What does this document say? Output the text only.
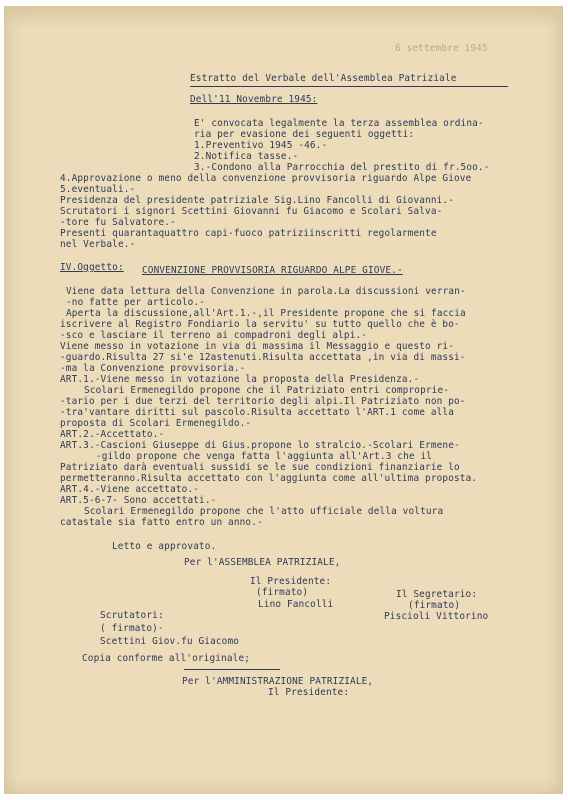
6 settembre 1945
Estratto del Verbale dell'Assemblea Patriziale
Dell'11 Novembre 1945:
E' convocata legalmente la terza assemblea ordina-
ria per evasione dei seguenti oggetti:
1.Preventivo 1945 -46.-
2.Notifica tasse.-
3.-Condono alla Parrocchia del prestito di fr.5oo.-
4.Approvazione o meno della convenzione provvisoria riguardo Alpe Giove
5.eventuali.-
Presidenza del presidente patriziale Sig.Lino Fancolli di Giovanni.-
Scrutatori i signori Scettini Giovanni fu Giacomo e Scolari Salva-
-tore fu Salvatore.-
Presenti quarantaquattro capi-fuoco patriziinscritti regolarmente
nel Verbale.-
IV.Oggetto: CONVENZIONE PROVVISORIA RIGUARDO ALPE GIOVE.-
Viene data lettura della Convenzione in parola.La discussioni verran-
-no fatte per articolo.-
Aperta la discussione,all'Art.1.-,il Presidente propone che si faccia
iscrivere al Registro Fondiario la servitu' su tutto quello che è bo-
-sco e lasciare il terreno ai compadroni degli alpi.-
Viene messo in votazione in via di massima il Messaggio e questo ri-
-guardo.Risulta 27 si'e 12astenuti.Risulta accettata ,in via di massi-
-ma la Convenzione provvisoria.-
ART.1.-Viene messo in votazione la proposta della Presidenza.-
Scolari Ermenegildo propone che il Patriziato entri comproprie-
-tario per i due terzi del territorio degli alpi.Il Patriziato non po-
-tra'vantare diritti sul pascolo.Risulta accettato l'ART.1 come alla
proposta di Scolari Ermenegildo.-
ART.2.-Accettato.-
ART.3.-Cascioni Giuseppe di Gius.propone lo stralcio.-Scolari Ermene-
-gildo propone che venga fatta l'aggiunta all'Art.3 che il
Patriziato darà eventuali sussidi se le sue condizioni finanziarie lo
permetteranno.Risulta accettato con l'aggiunta come all'ultima proposta.
ART.4.-Viene accettato.-
ART.5-6-7- Sono accettati.-
Scolari Ermenegildo propone che l'atto ufficiale della voltura
catastale sia fatto entro un anno.-
Letto e approvato.
Per l'ASSEMBLEA PATRIZIALE,
Il Presidente:
(firmato)
Lino Fancolli
Il Segretario:
(firmato)
Piscioli Vittorino
Scrutatori:
( firmato)-
Scettini Giov.fu Giacomo
Copia conforme all'originale;
Per l'AMMINISTRAZIONE PATRIZIALE,
Il Presidente:
